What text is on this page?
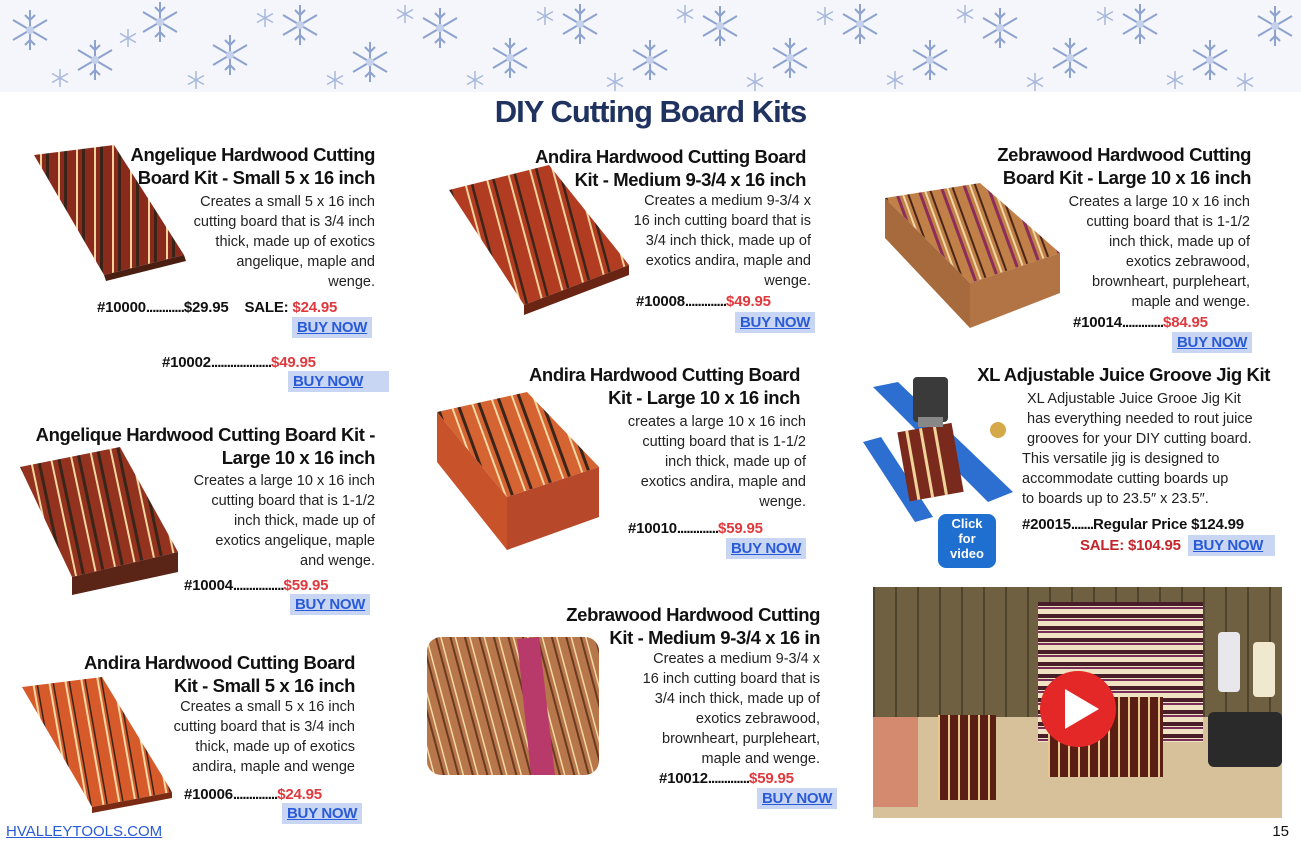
DIY Cutting Board Kits
Angelique Hardwood Cutting
Board Kit - Small 5 x 16 inch
Creates a small 5 x 16 inch
cutting board that is 3/4 inch
thick, made up of exotics
angelique, maple and
wenge.
#10000............$29.95 SALE: $24.95
BUY NOW
#10002...................$49.95
BUY NOW
Angelique Hardwood Cutting Board Kit -
Large 10 x 16 inch
Creates a large 10 x 16 inch
cutting board that is 1-1/2
inch thick, made up of
exotics angelique, maple
and wenge.
#10004................$59.95
BUY NOW
Andira Hardwood Cutting Board
Kit - Small 5 x 16 inch
Creates a small 5 x 16 inch
cutting board that is 3/4 inch
thick, made up of exotics
andira, maple and wenge
#10006..............$24.95
BUY NOW
Andira Hardwood Cutting Board
Kit - Medium 9-3/4 x 16 inch
Creates a medium 9-3/4 x
16 inch cutting board that is
3/4 inch thick, made up of
exotics andira, maple and
wenge.
#10008.............$49.95
BUY NOW
Andira Hardwood Cutting Board
Kit - Large 10 x 16 inch
creates a large 10 x 16 inch
cutting board that is 1-1/2
inch thick, made up of
exotics andira, maple and
wenge.
#10010.............$59.95
BUY NOW
Zebrawood Hardwood Cutting
Kit - Medium 9-3/4 x 16 in
Creates a medium 9-3/4 x
16 inch cutting board that is
3/4 inch thick, made up of
exotics zebrawood,
brownheart, purpleheart,
maple and wenge.
#10012.............$59.95
BUY NOW
Zebrawood Hardwood Cutting
Board Kit - Large 10 x 16 inch
Creates a large 10 x 16 inch
cutting board that is 1-1/2
inch thick, made up of
exotics zebrawood,
brownheart, purpleheart,
maple and wenge.
#10014.............$84.95
BUY NOW
XL Adjustable Juice Groove Jig Kit
Click
for
video
XL Adjustable Juice Grooe Jig Kit
has everything needed to rout juice
grooves for your DIY cutting board.
This versatile jig is designed to
accommodate cutting boards up
to boards up to 23.5″ x 23.5″.
#20015.......Regular Price $124.99
SALE: $104.95 BUY NOW
HVALLEYTOOLS.COM	15
